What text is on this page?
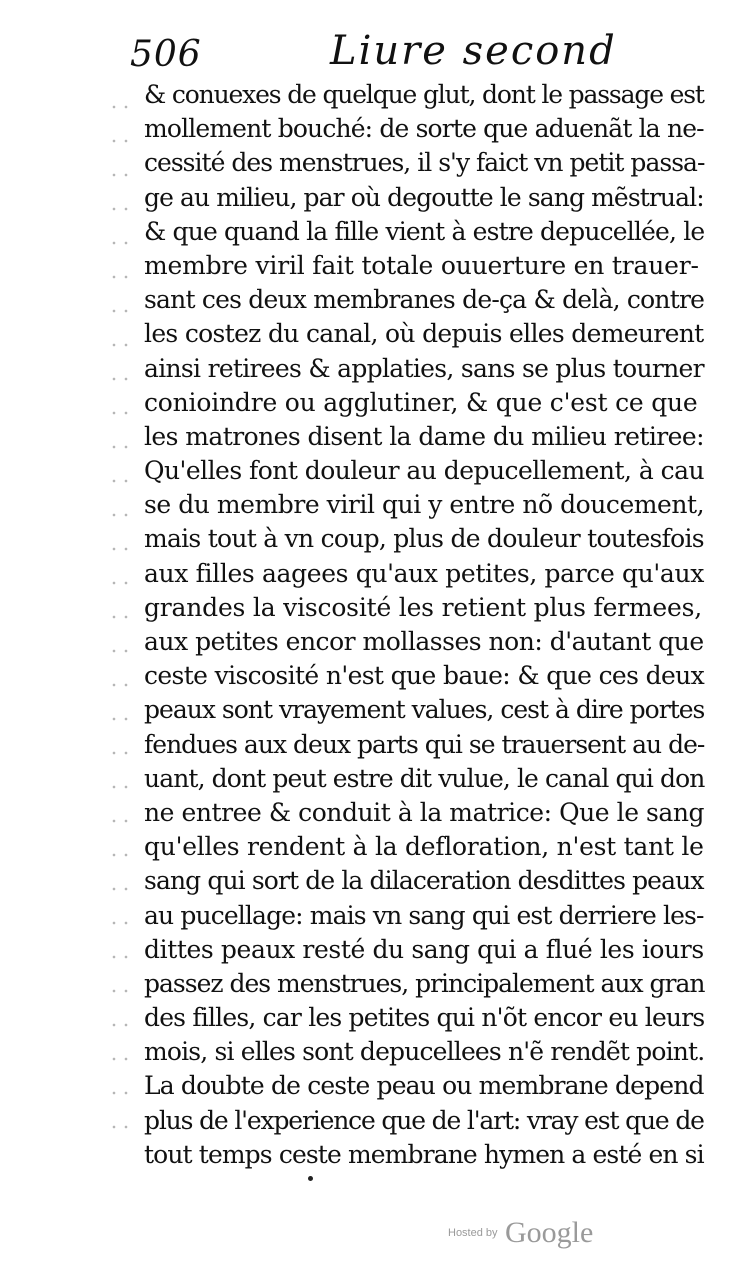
506	Liure second
& conuexes de quelque glut, dont le passage est
mollement bouché: de sorte que aduenãt la ne-
cessité des menstrues, il s'y faict vn petit passa-
ge au milieu, par où degoutte le sang mẽstrual:
& que quand la fille vient à estre depucellée, le
membre viril fait totale ouuerture en trauer-
sant ces deux membranes de-ça & delà, contre
les costez du canal, où depuis elles demeurent
ainsi retirees & applaties, sans se plus tourner
conioindre ou agglutiner, & que c'est ce que
les matrones disent la dame du milieu retiree:
Qu'elles font douleur au depucellement, à cau
se du membre viril qui y entre nõ doucement,
mais tout à vn coup, plus de douleur toutesfois
aux filles aagees qu'aux petites, parce qu'aux
grandes la viscosité les retient plus fermees,
aux petites encor mollasses non: d'autant que
ceste viscosité n'est que baue: & que ces deux
peaux sont vrayement values, cest à dire portes
fendues aux deux parts qui se trauersent au de-
uant, dont peut estre dit vulue, le canal qui don
ne entree & conduit à la matrice: Que le sang
qu'elles rendent à la defloration, n'est tant le
sang qui sort de la dilaceration desdittes peaux
au pucellage: mais vn sang qui est derriere les-
dittes peaux resté du sang qui a flué les iours
passez des menstrues, principalement aux gran
des filles, car les petites qui n'õt encor eu leurs
mois, si elles sont depucellees n'ẽ rendẽt point.
La doubte de ceste peau ou membrane depend
plus de l'experience que de l'art: vray est que de
tout temps ceste membrane hymen a esté en si
Hosted by Google
